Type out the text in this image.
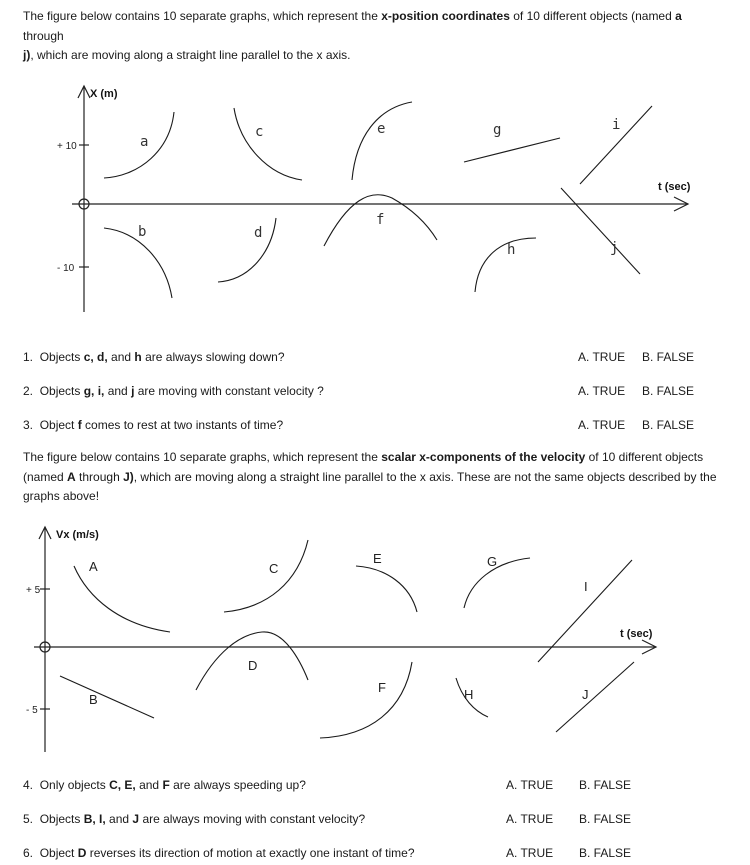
The figure below contains 10 separate graphs, which represent the x-position coordinates of 10 different objects (named a through
j), which are moving along a straight line parallel to the x axis.

+ 10
- 10
X (m)
t (sec)
a
b
c
d
e
f
g
h
i
j
1. Objects c, d, and h are always slowing down?	A. TRUE B. FALSE
2. Objects g, i, and j are moving with constant velocity ?	A. TRUE B. FALSE
3. Object f comes to rest at two instants of time?	A. TRUE B. FALSE

The figure below contains 10 separate graphs, which represent the scalar x-components of the velocity of 10 different objects (named A through J), which are moving along a straight line parallel to the x axis. These are not the same objects described by the graphs above!

+ 5
- 5
Vx (m/s)
t (sec)
A
B
C
D
E
F
G
H
I
J
4. Only objects C, E, and F are always speeding up?	A. TRUE B. FALSE
5. Objects B, I, and J are always moving with constant velocity?	A. TRUE B. FALSE
6. Object D reverses its direction of motion at exactly one instant of time?	A. TRUE B. FALSE
